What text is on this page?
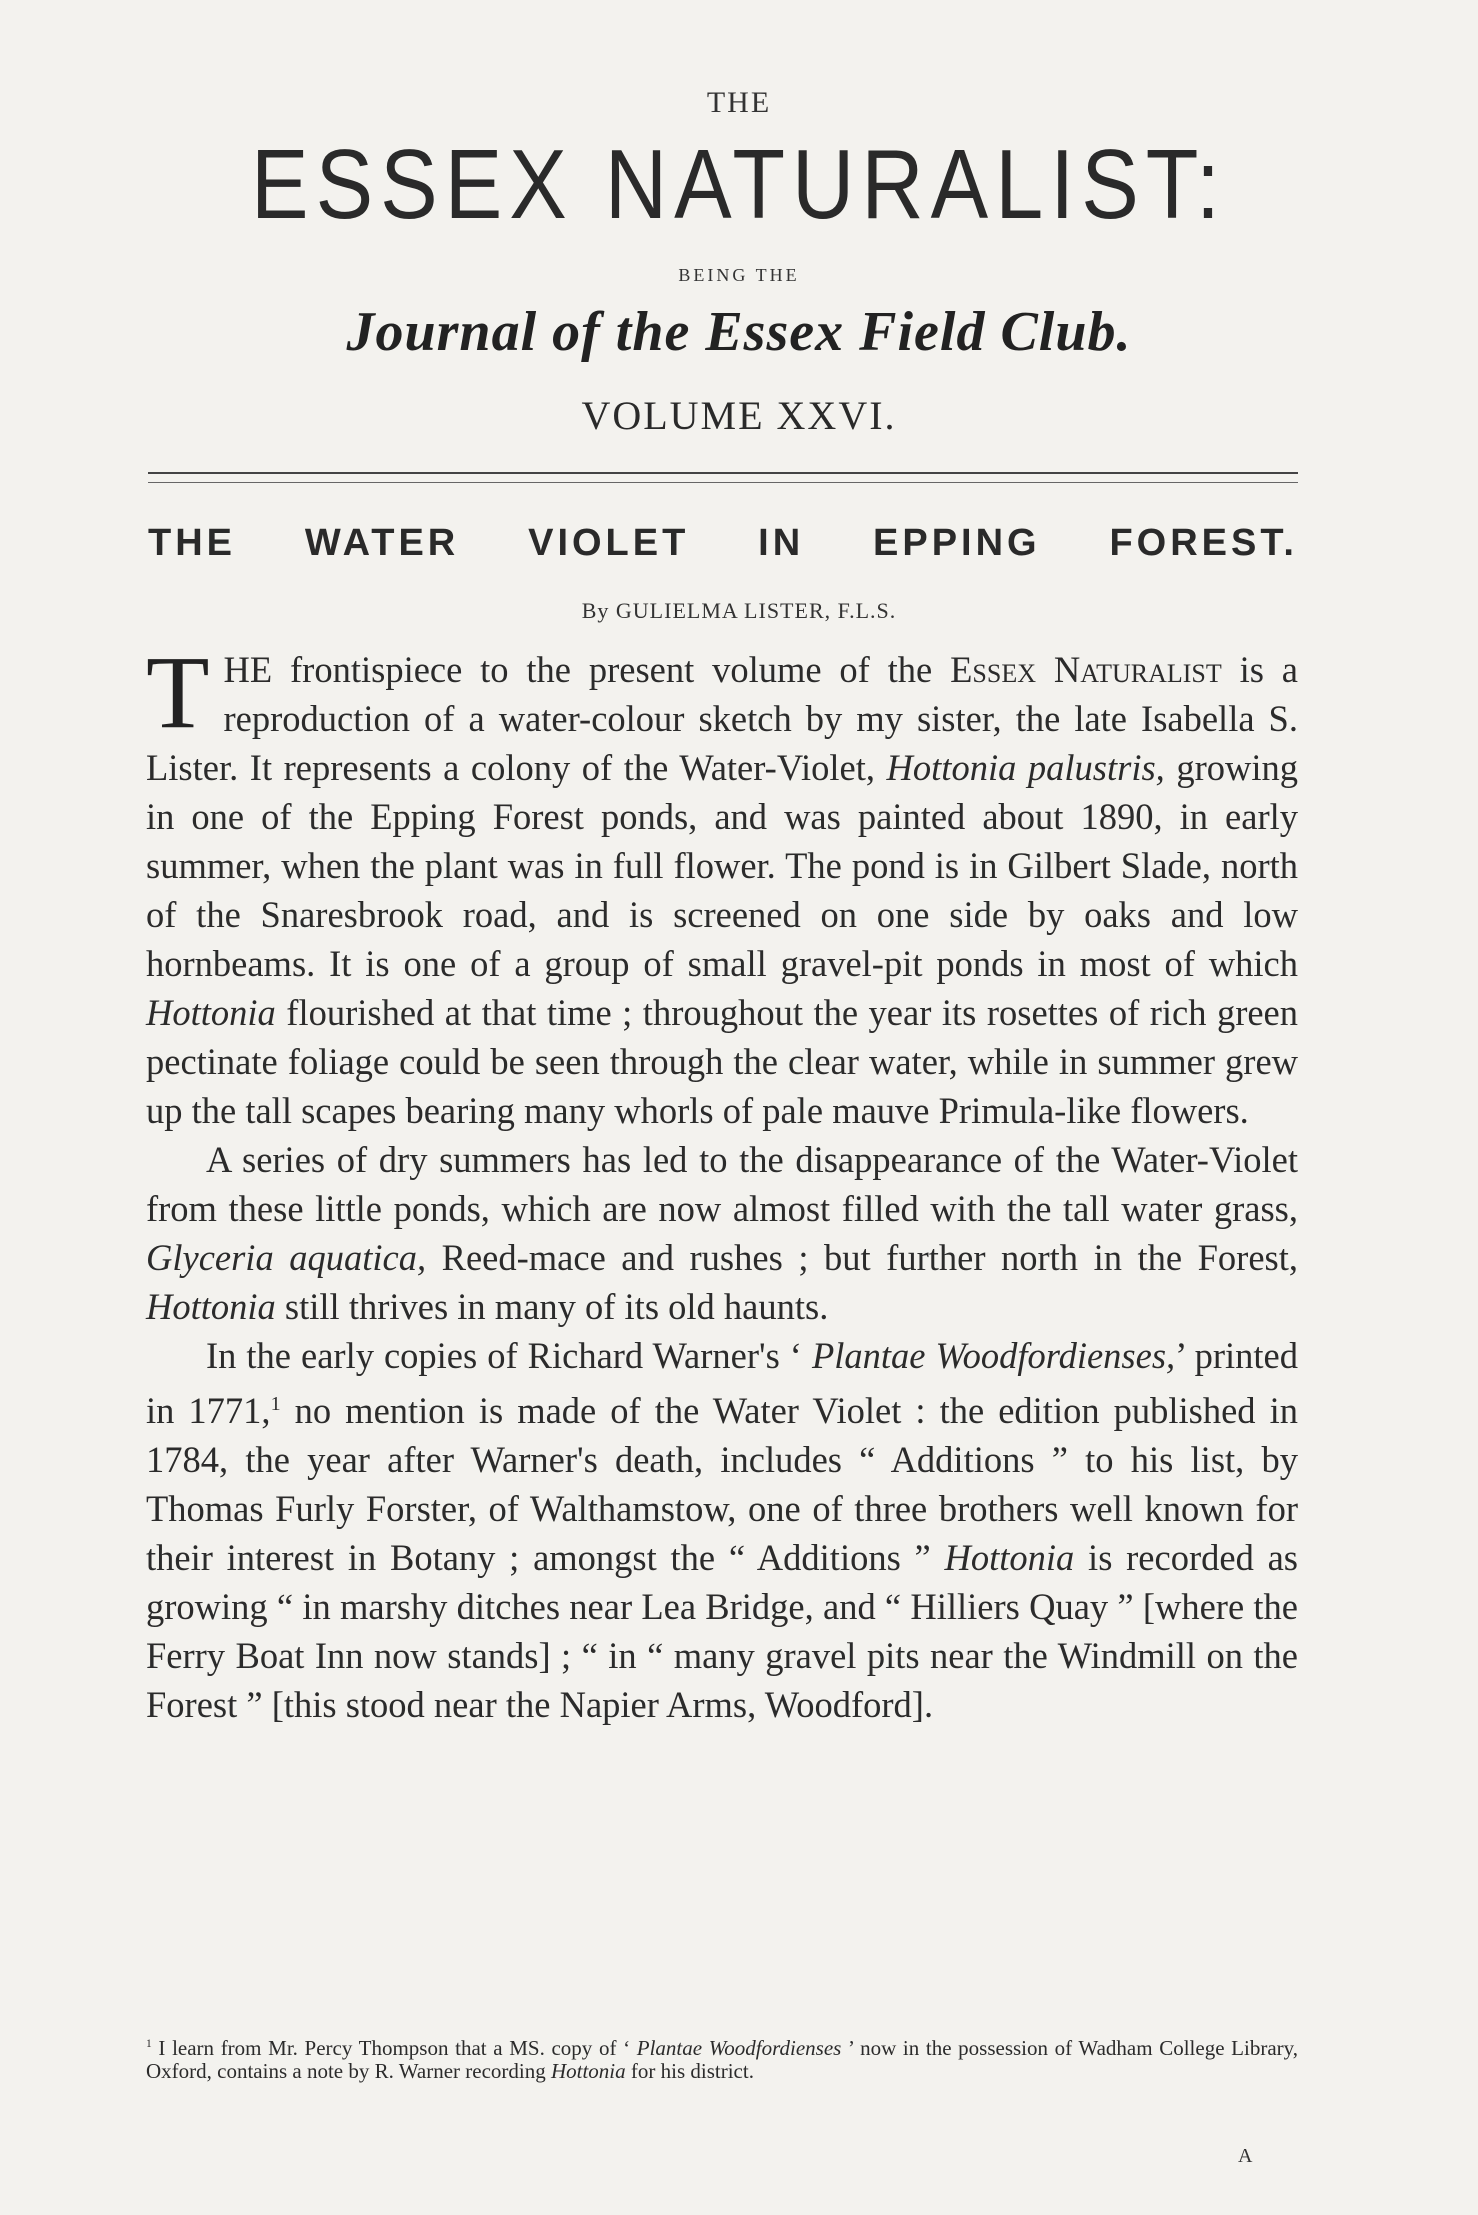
THE
ESSEX NATURALIST:
BEING THE
Journal of the Essex Field Club.
VOLUME XXVI.
THE WATER VIOLET IN EPPING FOREST.
By GULIELMA LISTER, F.L.S.

THE frontispiece to the present volume of the Essex Naturalist is a reproduction of a water-colour sketch by my sister, the late Isabella S. Lister. It represents a colony of the Water-Violet, Hottonia palustris, growing in one of the Epping Forest ponds, and was painted about 1890, in early summer, when the plant was in full flower. The pond is in Gilbert Slade, north of the Snaresbrook road, and is screened on one side by oaks and low hornbeams. It is one of a group of small gravel-pit ponds in most of which Hottonia flourished at that time ; throughout the year its rosettes of rich green pectinate foliage could be seen through the clear water, while in summer grew up the tall scapes bearing many whorls of pale mauve Primula-like flowers.

A series of dry summers has led to the disappearance of the Water-Violet from these little ponds, which are now almost filled with the tall water grass, Glyceria aquatica, Reed-mace and rushes ; but further north in the Forest, Hottonia still thrives in many of its old haunts.

In the early copies of Richard Warner's ‘ Plantae Woodfordienses,’ printed in 1771,$^1$ no mention is made of the Water Violet : the edition published in 1784, the year after Warner's death, includes “ Additions ” to his list, by Thomas Furly Forster, of Walthamstow, one of three brothers well known for their interest in Botany ; amongst the “ Additions ” Hottonia is recorded as growing “ in marshy ditches near Lea Bridge, and “ Hilliers Quay ” [where the Ferry Boat Inn now stands] ; “ in “ many gravel pits near the Windmill on the Forest ” [this stood near the Napier Arms, Woodford].

$^1$ I learn from Mr. Percy Thompson that a MS. copy of ‘ Plantae Woodfordienses ’ now in the possession of Wadham College Library, Oxford, contains a note by R. Warner recording Hottonia for his district.
A
